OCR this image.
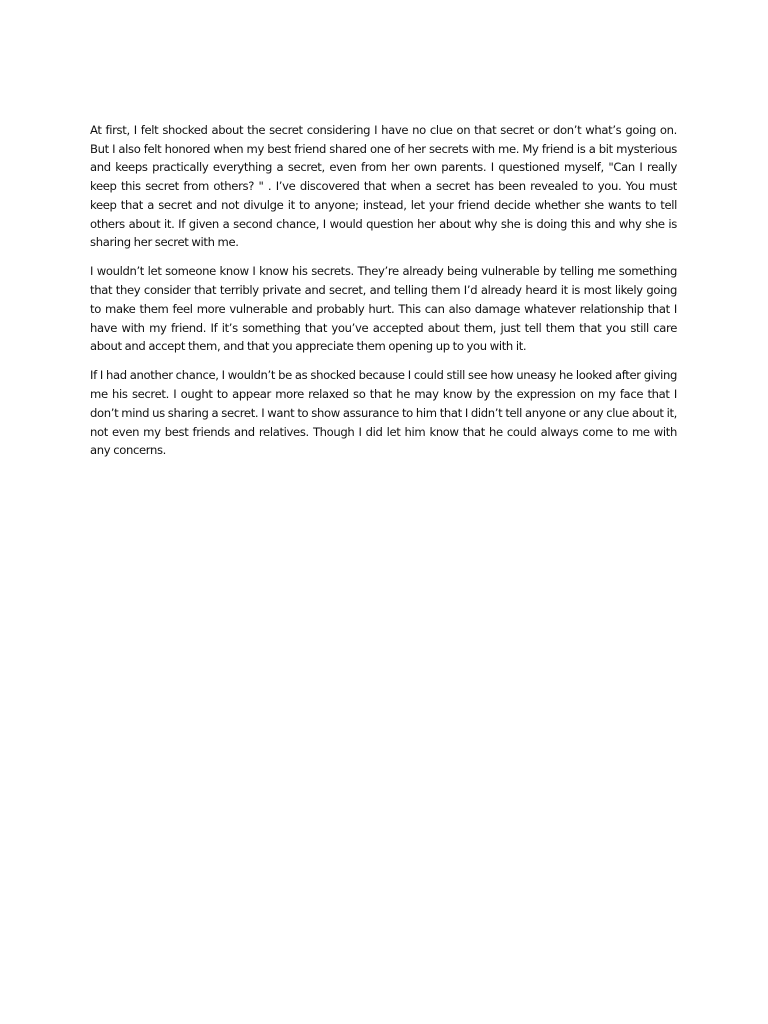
At first, I felt shocked about the secret considering I have no clue on that secret or don’t what’s going on. But I also felt honored when my best friend shared one of her secrets with me. My friend is a bit mysterious and keeps practically everything a secret, even from her own parents. I questioned myself, "Can I really keep this secret from others? " . I’ve discovered that when a secret has been revealed to you. You must keep that a secret and not divulge it to anyone; instead, let your friend decide whether she wants to tell others about it. If given a second chance, I would question her about why she is doing this and why she is sharing her secret with me.

I wouldn’t let someone know I know his secrets. They’re already being vulnerable by telling me something that they consider that terribly private and secret, and telling them I’d already heard it is most likely going to make them feel more vulnerable and probably hurt. This can also damage whatever relationship that I have with my friend. If it’s something that you’ve accepted about them, just tell them that you still care about and accept them, and that you appreciate them opening up to you with it.

If I had another chance, I wouldn’t be as shocked because I could still see how uneasy he looked after giving me his secret. I ought to appear more relaxed so that he may know by the expression on my face that I don’t mind us sharing a secret. I want to show assurance to him that I didn’t tell anyone or any clue about it, not even my best friends and relatives. Though I did let him know that he could always come to me with any concerns.
